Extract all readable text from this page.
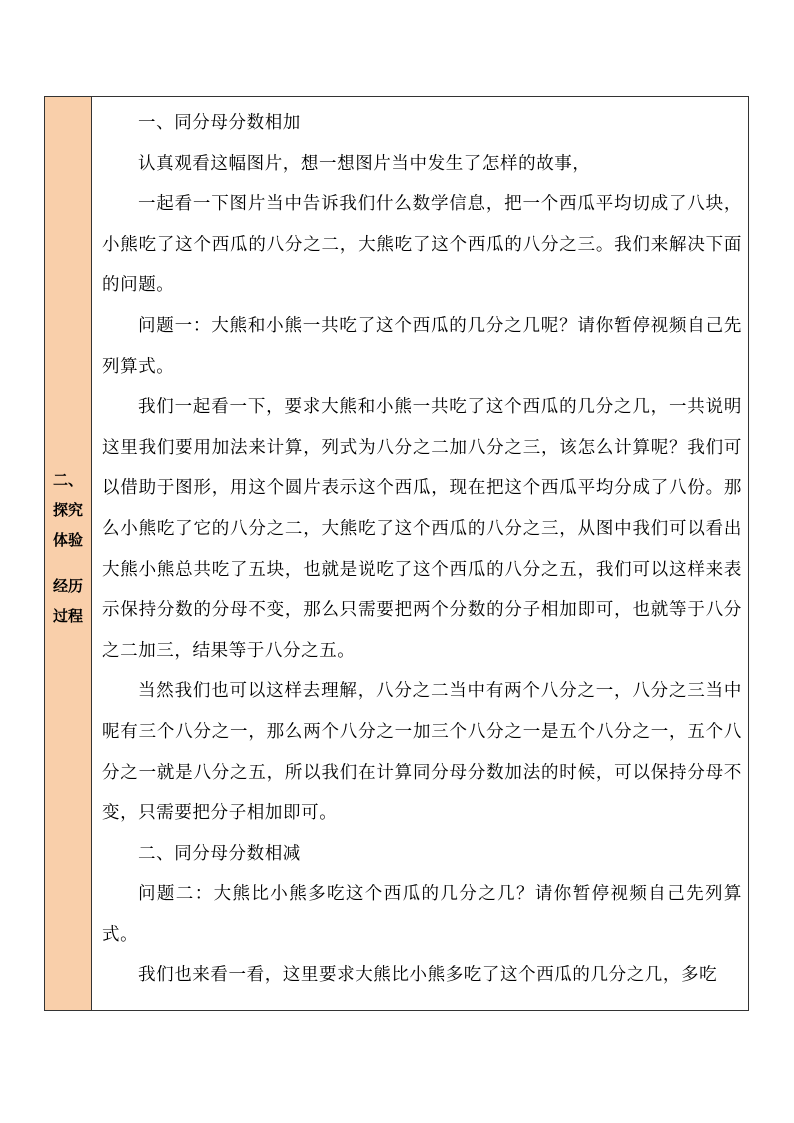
二、
探究
体验
经历
过程

一、同分母分数相加

认真观看这幅图片，想一想图片当中发生了怎样的故事，

一起看一下图片当中告诉我们什么数学信息，把一个西瓜平均切成了八块，小熊吃了这个西瓜的八分之二，大熊吃了这个西瓜的八分之三。我们来解决下面的问题。

问题一：大熊和小熊一共吃了这个西瓜的几分之几呢？请你暂停视频自己先列算式。

我们一起看一下，要求大熊和小熊一共吃了这个西瓜的几分之几，一共说明这里我们要用加法来计算，列式为八分之二加八分之三，该怎么计算呢？我们可以借助于图形，用这个圆片表示这个西瓜，现在把这个西瓜平均分成了八份。那么小熊吃了它的八分之二，大熊吃了这个西瓜的八分之三，从图中我们可以看出大熊小熊总共吃了五块，也就是说吃了这个西瓜的八分之五，我们可以这样来表示保持分数的分母不变，那么只需要把两个分数的分子相加即可，也就等于八分之二加三，结果等于八分之五。

当然我们也可以这样去理解，八分之二当中有两个八分之一，八分之三当中呢有三个八分之一，那么两个八分之一加三个八分之一是五个八分之一，五个八分之一就是八分之五，所以我们在计算同分母分数加法的时候，可以保持分母不变，只需要把分子相加即可。

二、同分母分数相减

问题二：大熊比小熊多吃这个西瓜的几分之几？请你暂停视频自己先列算式。

我们也来看一看，这里要求大熊比小熊多吃了这个西瓜的几分之几，多吃
